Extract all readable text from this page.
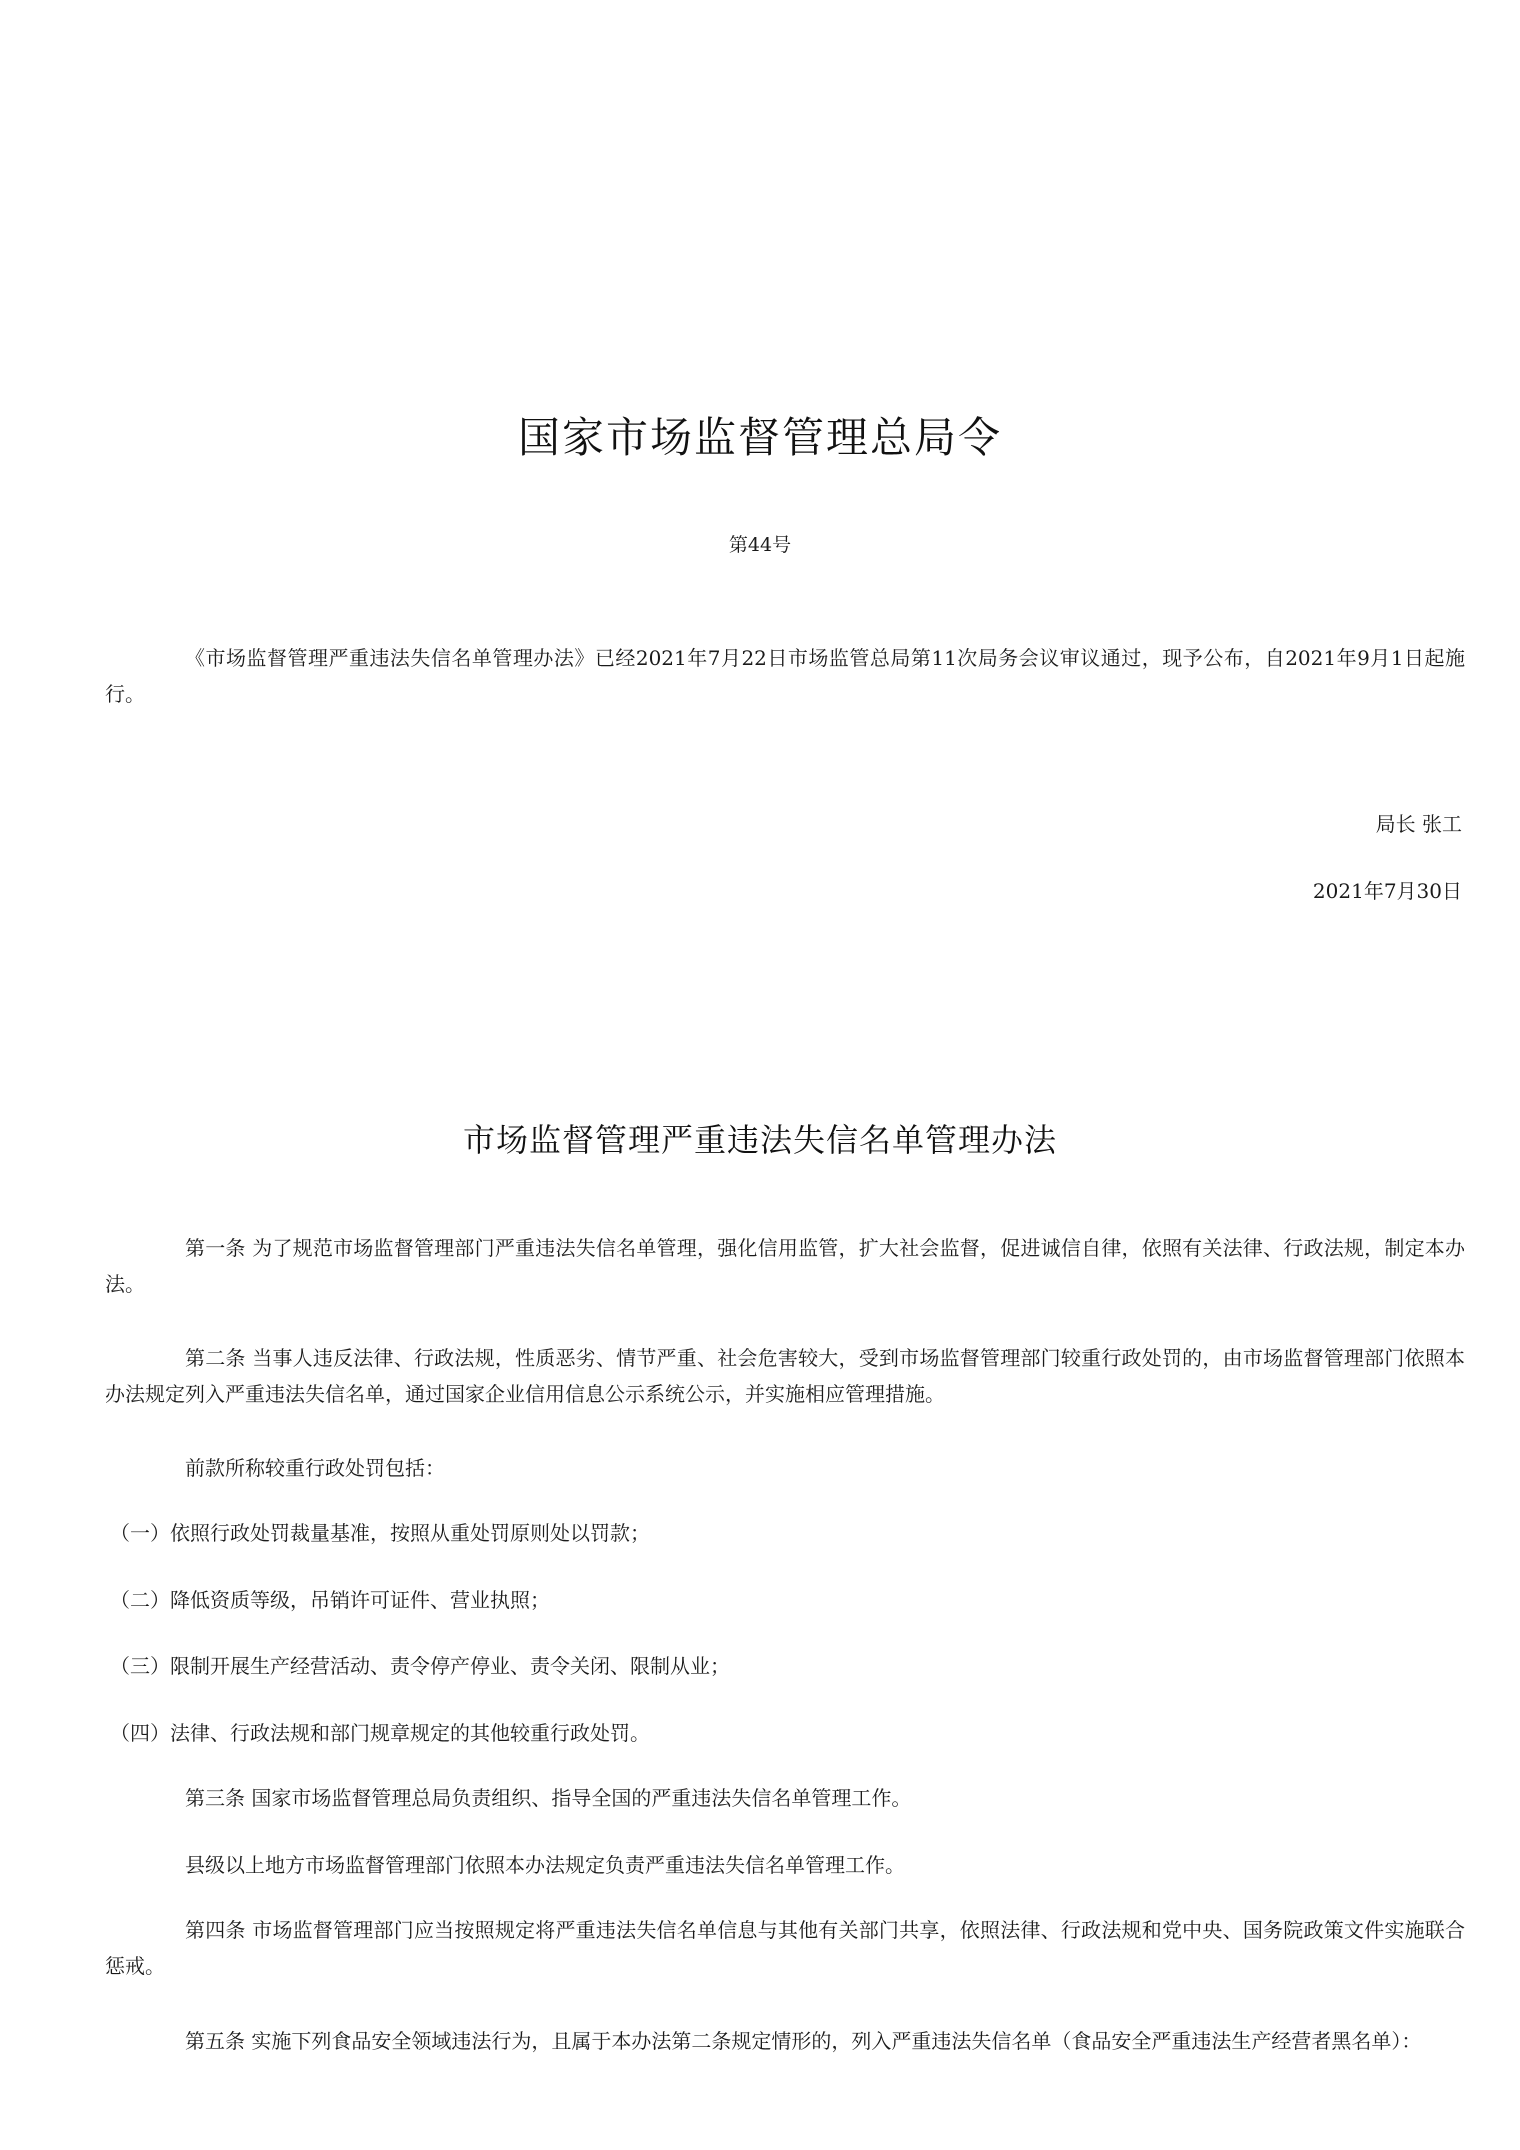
国家市场监督管理总局令
第44号
《市场监督管理严重违法失信名单管理办法》已经2021年7月22日市场监管总局第11次局务会议审议通过，现予公布，自2021年9月1日起施行。
局长 张工
2021年7月30日
市场监督管理严重违法失信名单管理办法
第一条 为了规范市场监督管理部门严重违法失信名单管理，强化信用监管，扩大社会监督，促进诚信自律，依照有关法律、行政法规，制定本办法。
第二条 当事人违反法律、行政法规，性质恶劣、情节严重、社会危害较大，受到市场监督管理部门较重行政处罚的，由市场监督管理部门依照本办法规定列入严重违法失信名单，通过国家企业信用信息公示系统公示，并实施相应管理措施。
前款所称较重行政处罚包括：
（一）依照行政处罚裁量基准，按照从重处罚原则处以罚款；
（二）降低资质等级，吊销许可证件、营业执照；
（三）限制开展生产经营活动、责令停产停业、责令关闭、限制从业；
（四）法律、行政法规和部门规章规定的其他较重行政处罚。
第三条 国家市场监督管理总局负责组织、指导全国的严重违法失信名单管理工作。
县级以上地方市场监督管理部门依照本办法规定负责严重违法失信名单管理工作。
第四条 市场监督管理部门应当按照规定将严重违法失信名单信息与其他有关部门共享，依照法律、行政法规和党中央、国务院政策文件实施联合惩戒。
第五条 实施下列食品安全领域违法行为，且属于本办法第二条规定情形的，列入严重违法失信名单（食品安全严重违法生产经营者黑名单）：
